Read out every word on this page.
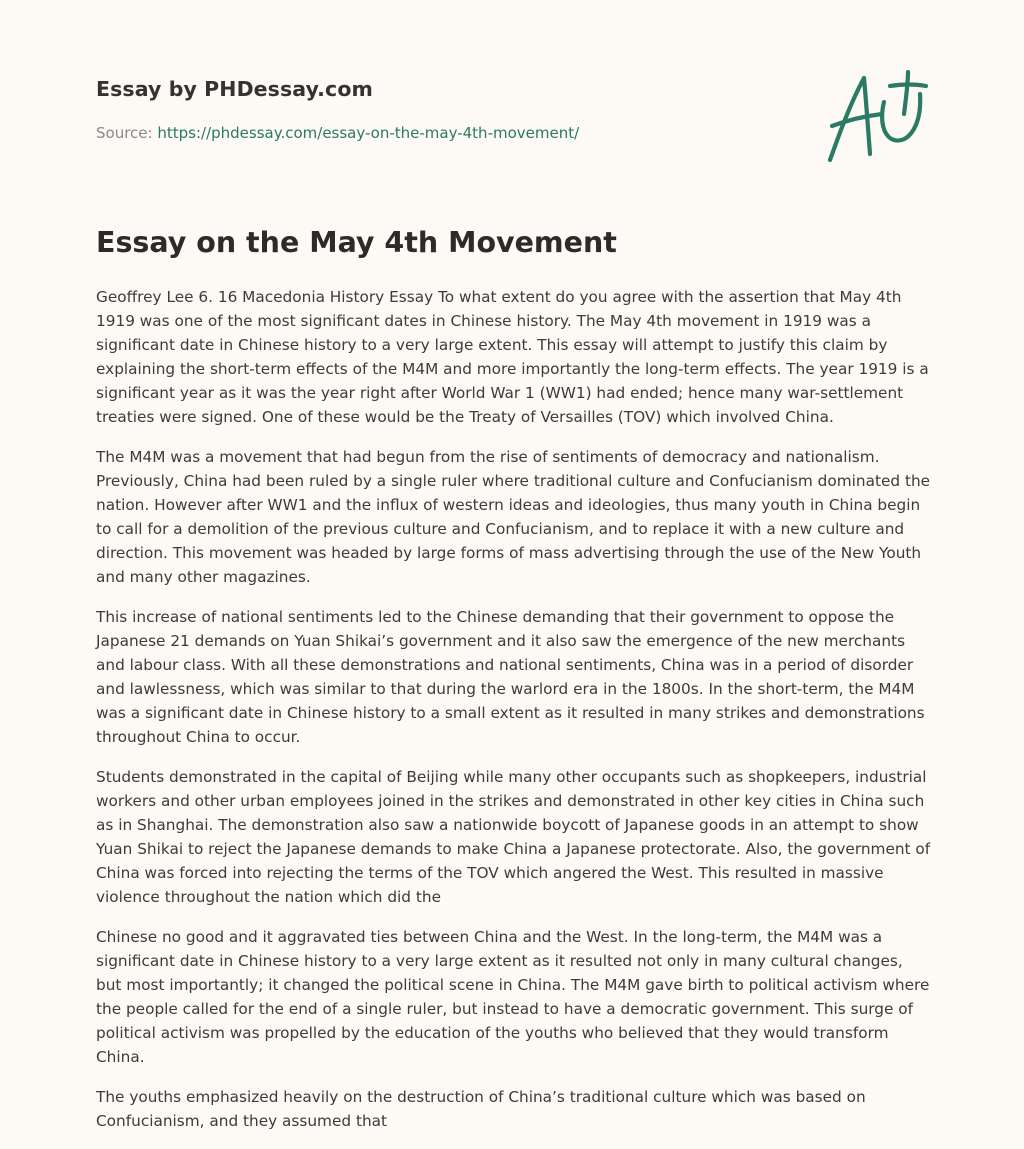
Essay by PHDessay.com
Source: https://phdessay.com/essay-on-the-may-4th-movement/
Essay on the May 4th Movement

Geoffrey Lee 6. 16 Macedonia History Essay To what extent do you agree with the assertion that May 4th 1919 was one of the most significant dates in Chinese history. The May 4th movement in 1919 was a significant date in Chinese history to a very large extent. This essay will attempt to justify this claim by explaining the short-term effects of the M4M and more importantly the long-term effects. The year 1919 is a significant year as it was the year right after World War 1 (WW1) had ended; hence many war-settlement treaties were signed. One of these would be the Treaty of Versailles (TOV) which involved China.

The M4M was a movement that had begun from the rise of sentiments of democracy and nationalism. Previously, China had been ruled by a single ruler where traditional culture and Confucianism dominated the nation. However after WW1 and the influx of western ideas and ideologies, thus many youth in China begin to call for a demolition of the previous culture and Confucianism, and to replace it with a new culture and direction. This movement was headed by large forms of mass advertising through the use of the New Youth and many other magazines.

This increase of national sentiments led to the Chinese demanding that their government to oppose the Japanese 21 demands on Yuan Shikai’s government and it also saw the emergence of the new merchants and labour class. With all these demonstrations and national sentiments, China was in a period of disorder and lawlessness, which was similar to that during the warlord era in the 1800s. In the short-term, the M4M was a significant date in Chinese history to a small extent as it resulted in many strikes and demonstrations throughout China to occur.

Students demonstrated in the capital of Beijing while many other occupants such as shopkeepers, industrial workers and other urban employees joined in the strikes and demonstrated in other key cities in China such as in Shanghai. The demonstration also saw a nationwide boycott of Japanese goods in an attempt to show Yuan Shikai to reject the Japanese demands to make China a Japanese protectorate. Also, the government of China was forced into rejecting the terms of the TOV which angered the West. This resulted in massive violence throughout the nation which did the

Chinese no good and it aggravated ties between China and the West. In the long-term, the M4M was a significant date in Chinese history to a very large extent as it resulted not only in many cultural changes, but most importantly; it changed the political scene in China. The M4M gave birth to political activism where the people called for the end of a single ruler, but instead to have a democratic government. This surge of political activism was propelled by the education of the youths who believed that they would transform China.

The youths emphasized heavily on the destruction of China’s traditional culture which was based on Confucianism, and they assumed that
